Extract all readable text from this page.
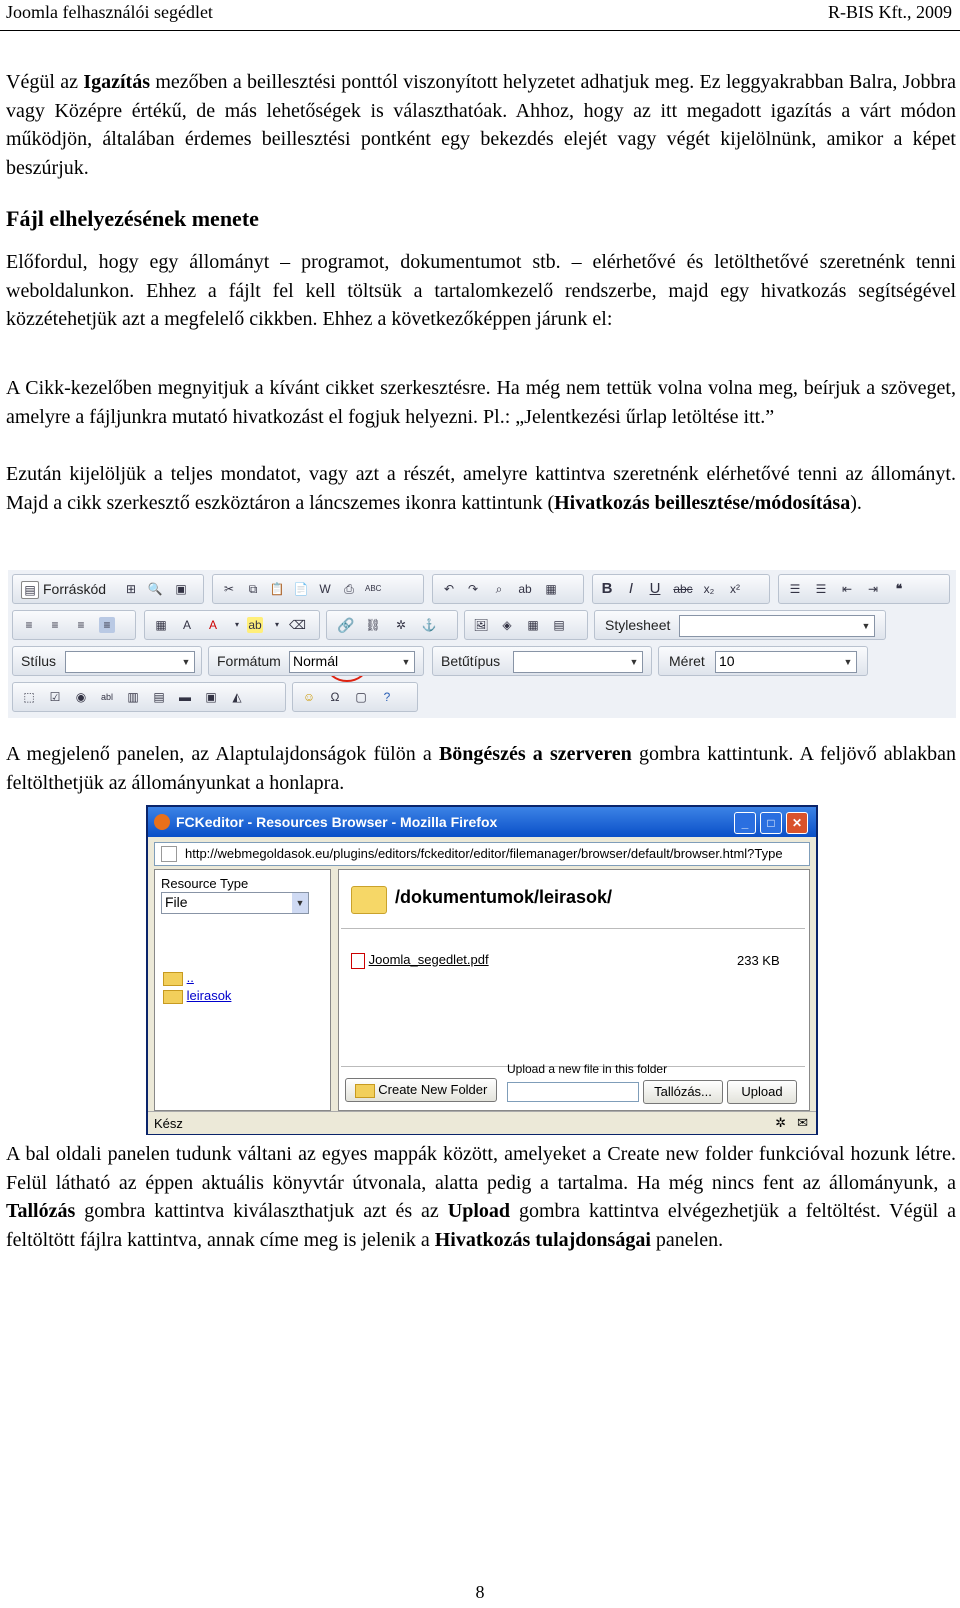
Joomla felhasználói segédlet	R-BIS Kft., 2009
Végül az Igazítás mezőben a beillesztési ponttól viszonyított helyzetet adhatjuk meg. Ez leggyakrabban Balra, Jobbra vagy Középre értékű, de más lehetőségek is választhatóak. Ahhoz, hogy az itt megadott igazítás a várt módon működjön, általában érdemes beillesztési pontként egy bekezdés elejét vagy végét kijelölnünk, amikor a képet beszúrjuk.
Fájl elhelyezésének menete
Előfordul, hogy egy állományt – programot, dokumentumot stb. – elérhetővé és letölthetővé szeretnénk tenni weboldalunkon. Ehhez a fájlt fel kell töltsük a tartalomkezelő rendszerbe, majd egy hivatkozás segítségével közzétehetjük azt a megfelelő cikkben. Ehhez a következőképpen járunk el:
A Cikk-kezelőben megnyitjuk a kívánt cikket szerkesztésre. Ha még nem tettük volna volna meg, beírjuk a szöveget, amelyre a fájljunkra mutató hivatkozást el fogjuk helyezni. Pl.: „Jelentkezési űrlap letöltése itt.”
Ezután kijelöljük a teljes mondatot, vagy azt a részét, amelyre kattintva szeretnénk elérhetővé tenni az állományt. Majd a cikk szerkesztő eszköztáron a láncszemes ikonra kattintunk (Hivatkozás beillesztése/módosítása).
▤ Forráskód ⊞ 🔍 ▣	✂	⧉	📋 📄 W ⎙	ABC	↶ ↷	⌕	ab ▦	B	I	U abc x₂ x²	☰ ☰ ⇤ ⇥	❝
≡	≡	≡	≡	▦	A	A	▾ ab	▾ ⌫ 🔗 ⛓ ✲ ⚓	🖼 ◈ ▦ ▤	Stylesheet	▼
Stílus	▼ Formátum Normál	▼ Betűtípus	▼ Méret 10	▼
⬚ ☑ ◉	abl ▥ ▤ ▬ ▣ ◭	☺ Ω ▢	?
A megjelenő panelen, az Alaptulajdonságok fülön a Böngészés a szerveren gombra kattintunk. A feljövő ablakban feltölthetjük az állományunkat a honlapra.
FCKeditor - Resources Browser - Mozilla Firefox	_	□	✕
http://webmegoldasok.eu/plugins/editors/fckeditor/editor/filemanager/browser/default/browser.html?Type
Resource Type
File	▼
..
leirasok
/dokumentumok/leirasok/
Joomla_segedlet.pdf	233 KB
Create New Folder
Upload a new file in this folder
Tallózás...	Upload
Kész	✲ ✉
A bal oldali panelen tudunk váltani az egyes mappák között, amelyeket a Create new folder funkcióval hozunk létre. Felül látható az éppen aktuális könyvtár útvonala, alatta pedig a tartalma. Ha még nincs fent az állományunk, a Tallózás gombra kattintva kiválaszthatjuk azt és az Upload gombra kattintva elvégezhetjük a feltöltést. Végül a feltöltött fájlra kattintva, annak címe meg is jelenik a Hivatkozás tulajdonságai panelen.
8
